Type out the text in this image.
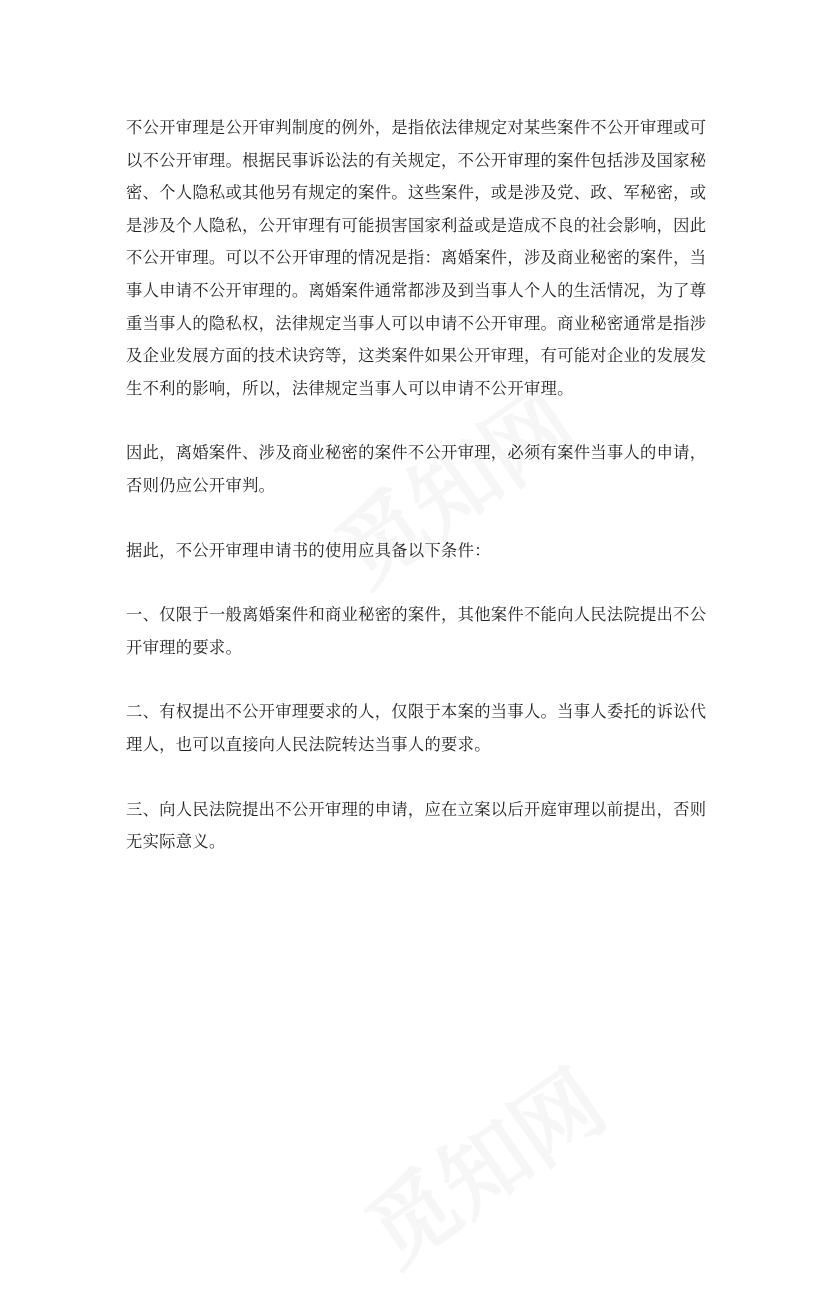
不公开审理是公开审判制度的例外，是指依法律规定对某些案件不公开审理或可以不公开审理。根据民事诉讼法的有关规定，不公开审理的案件包括涉及国家秘密、个人隐私或其他另有规定的案件。这些案件，或是涉及党、政、军秘密，或是涉及个人隐私，公开审理有可能损害国家利益或是造成不良的社会影响，因此不公开审理。可以不公开审理的情况是指：离婚案件，涉及商业秘密的案件，当事人申请不公开审理的。离婚案件通常都涉及到当事人个人的生活情况，为了尊重当事人的隐私权，法律规定当事人可以申请不公开审理。商业秘密通常是指涉及企业发展方面的技术诀窍等，这类案件如果公开审理，有可能对企业的发展发生不利的影响，所以，法律规定当事人可以申请不公开审理。

因此，离婚案件、涉及商业秘密的案件不公开审理，必须有案件当事人的申请，否则仍应公开审判。

据此，不公开审理申请书的使用应具备以下条件：

一、仅限于一般离婚案件和商业秘密的案件，其他案件不能向人民法院提出不公开审理的要求。

二、有权提出不公开审理要求的人，仅限于本案的当事人。当事人委托的诉讼代理人，也可以直接向人民法院转达当事人的要求。

三、向人民法院提出不公开审理的申请，应在立案以后开庭审理以前提出，否则无实际意义。
